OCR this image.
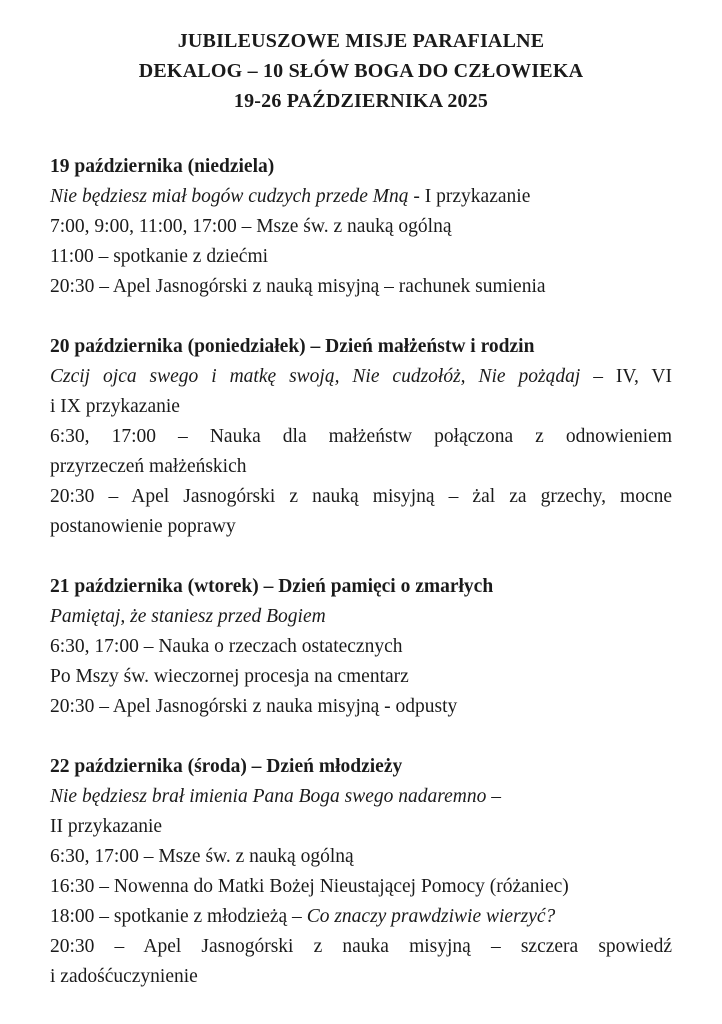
JUBILEUSZOWE MISJE PARAFIALNE
DEKALOG – 10 SŁÓW BOGA DO CZŁOWIEKA
19-26 PAŹDZIERNIKA 2025
19 października (niedziela)
Nie będziesz miał bogów cudzych przede Mną - I przykazanie
7:00, 9:00, 11:00, 17:00 – Msze św. z nauką ogólną
11:00 – spotkanie z dziećmi
20:30 – Apel Jasnogórski z nauką misyjną – rachunek sumienia
20 października (poniedziałek) – Dzień małżeństw i rodzin
Czcij ojca swego i matkę swoją, Nie cudzołóż, Nie pożądaj – IV, VI
i IX przykazanie
6:30, 17:00 – Nauka dla małżeństw połączona z odnowieniem
przyrzeczeń małżeńskich
20:30 – Apel Jasnogórski z nauką misyjną – żal za grzechy, mocne
postanowienie poprawy
21 października (wtorek) – Dzień pamięci o zmarłych
Pamiętaj, że staniesz przed Bogiem
6:30, 17:00 – Nauka o rzeczach ostatecznych
Po Mszy św. wieczornej procesja na cmentarz
20:30 – Apel Jasnogórski z nauka misyjną - odpusty
22 października (środa) – Dzień młodzieży
Nie będziesz brał imienia Pana Boga swego nadaremno –
II przykazanie
6:30, 17:00 – Msze św. z nauką ogólną
16:30 – Nowenna do Matki Bożej Nieustającej Pomocy (różaniec)
18:00 – spotkanie z młodzieżą – Co znaczy prawdziwie wierzyć?
20:30 – Apel Jasnogórski z nauka misyjną – szczera spowiedź
i zadośćuczynienie
